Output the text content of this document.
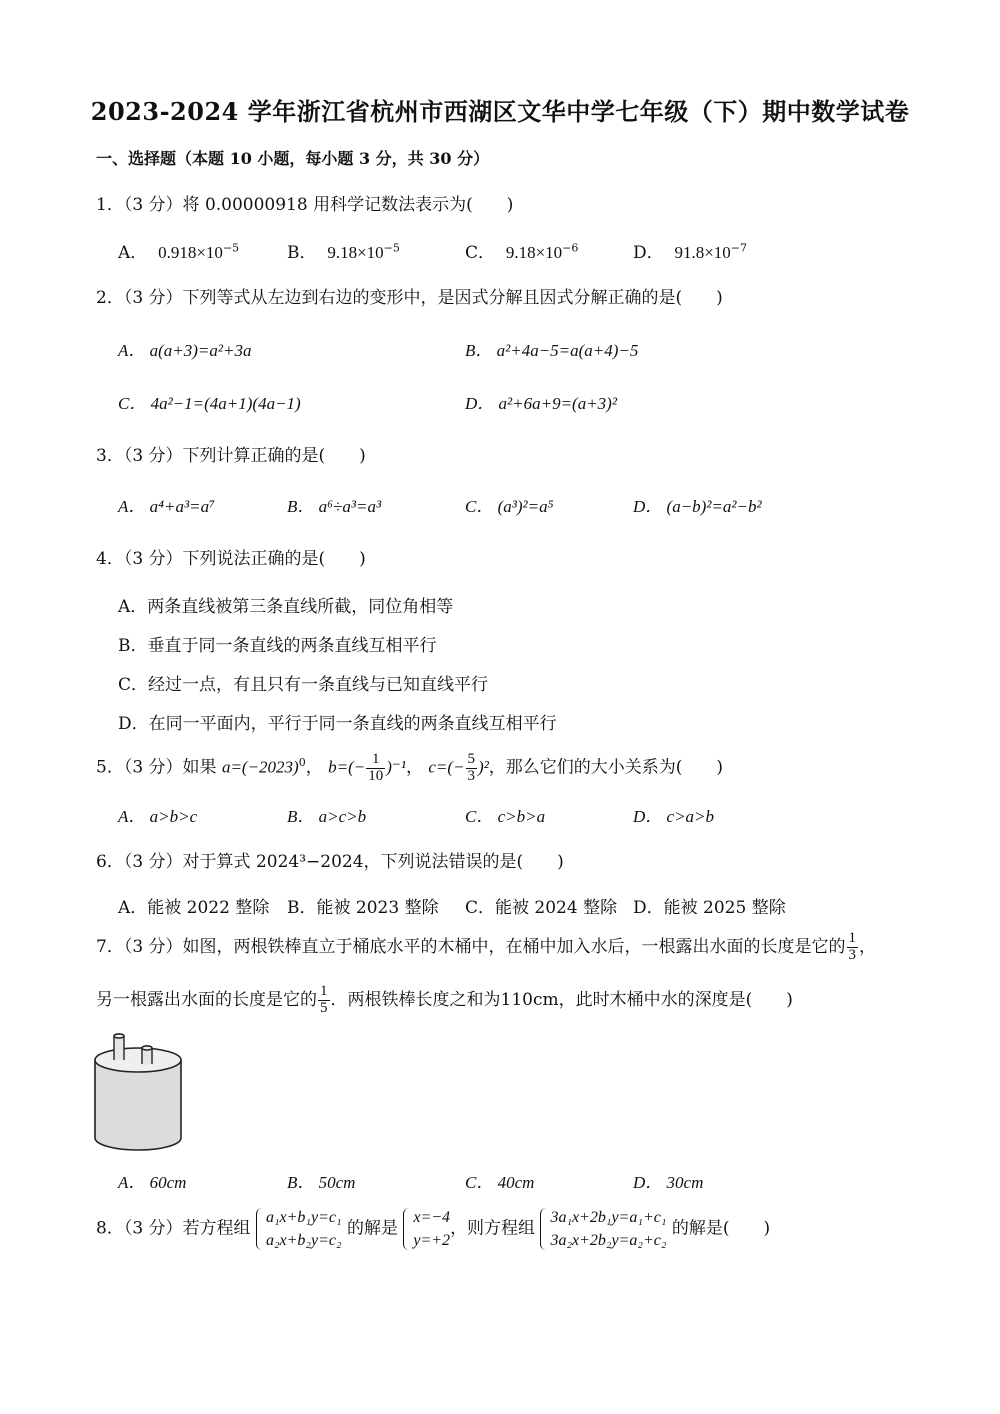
2023-2024 学年浙江省杭州市西湖区文华中学七年级（下）期中数学试卷
一、选择题（本题 10 小题，每小题 3 分，共 30 分）
1．（3 分）将 0.00000918 用科学记数法表示为(　　)
A． $0.918\times 10^{-5}$	B． $9.18\times 10^{-5}$	C． $9.18\times 10^{-6}$	D． $91.8\times 10^{-7}$
2．（3 分）下列等式从左边到右边的变形中，是因式分解且因式分解正确的是(　　)
A． a(a+3)=a²+3a	B． a²+4a−5=a(a+4)−5
C． 4a²−1=(4a+1)(4a−1)	D． a²+6a+9=(a+3)²
3．（3 分）下列计算正确的是(　　)
A． a⁴+a³=a⁷	B． a⁶÷a³=a³	C． (a³)²=a⁵	D． (a−b)²=a²−b²
4．（3 分）下列说法正确的是(　　)
A．两条直线被第三条直线所截，同位角相等
B．垂直于同一条直线的两条直线互相平行
C．经过一点，有且只有一条直线与已知直线平行
D．在同一平面内，平行于同一条直线的两条直线互相平行
5．（3 分）如果 $a=(-2023)^0$， $b=(- \frac{1}{10} )^{-1}$， $c=(- \frac{5}{3} )^2$，那么它们的大小关系为(　　)
A． a>b>c	B． a>c>b	C． c>b>a	D． c>a>b
6．（3 分）对于算式 2024³−2024，下列说法错误的是(　　)
A．能被 2022 整除 B．能被 2023 整除 C．能被 2024 整除 D．能被 2025 整除
7．（3 分）如图，两根铁棒直立于桶底水平的木桶中，在桶中加入水后，一根露出水面的长度是它的 $\frac{1}{3}$ ，
另一根露出水面的长度是它的 $\frac{1}{5}$ ．两根铁棒长度之和为110cm，此时木桶中水的深度是(　　)
A． 60cm	B． 50cm	C． 40cm	D． 30cm
8．（3 分）若方程组
a₁x+b₁y=c₁
a₂x+b₂y=c₂
的解是
x=−4
y=+2
，则方程组
3a₁x+2b₁y=a₁+c₁
3a₂x+2b₂y=a₂+c₂
的解是(　　)
